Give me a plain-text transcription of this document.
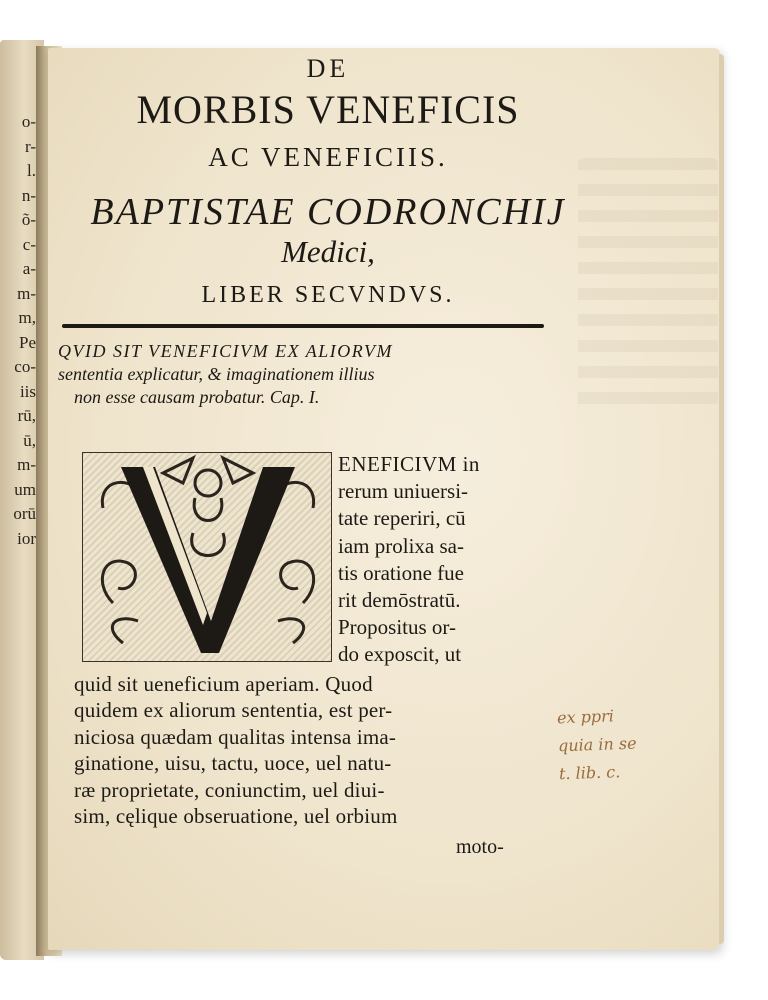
o-
r-
l.
n-
õ-
c-
a-
m-
m,
Pe
co-
iis
rū,
ū,
m-
um
orū
ior
DE
MORBIS VENEFICIS
AC VENEFICIIS.
BAPTISTAE CODRONCHIJ
Medici,
LIBER SECVNDVS.
QVID SIT VENEFICIVM EX ALIORVM
sententia explicatur, & imaginationem illius
non esse causam probatur. Cap. I.
ENEFICIVM in
rerum uniuersi-
tate reperiri, cū
iam prolixa sa-
tis oratione fue
rit demōstratū.
Propositus or-
do exposcit, ut
quid sit ueneficium aperiam. Quod
quidem ex aliorum sententia, est per-
niciosa quædam qualitas intensa ima-
ginatione, uisu, tactu, uoce, uel natu-
ræ proprietate, coniunctim, uel diui-
sim, cęlique obseruatione, uel orbium
moto-
ex ppri
quia in se
t. lib. c.
